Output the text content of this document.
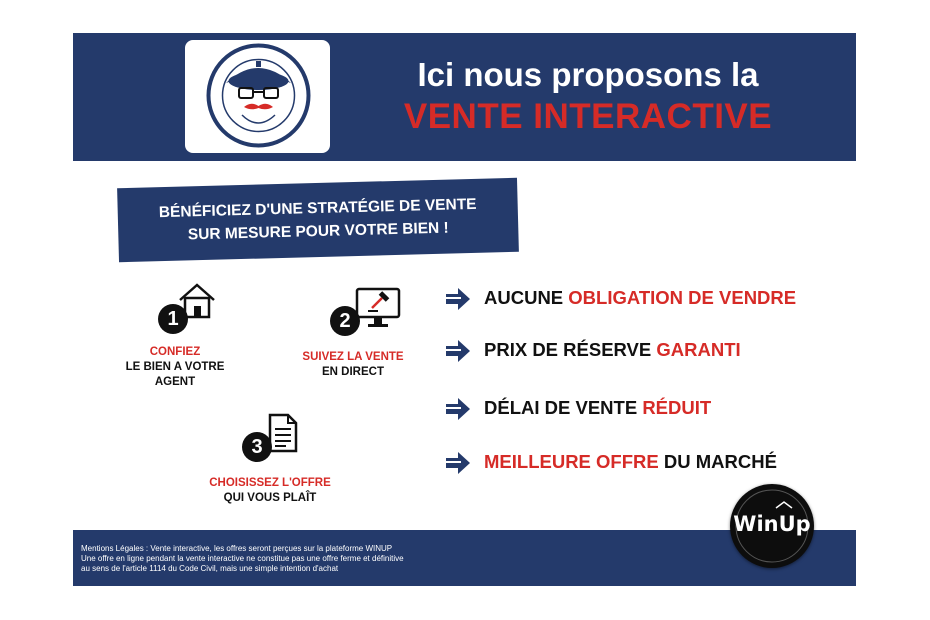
Ici nous proposons la
VENTE INTERACTIVE
BÉNÉFICIEZ D'UNE STRATÉGIE DE VENTE
SUR MESURE POUR VOTRE BIEN !
1
CONFIEZ
LE BIEN A VOTRE
AGENT
2
SUIVEZ LA VENTE
EN DIRECT
3
CHOISISSEZ L'OFFRE
QUI VOUS PLAÎT
AUCUNE OBLIGATION DE VENDRE
PRIX DE RÉSERVE GARANTI
DÉLAI DE VENTE RÉDUIT
MEILLEURE OFFRE DU MARCHÉ
Mentions Légales : Vente interactive, les offres seront perçues sur la plateforme WINUP
Une offre en ligne pendant la vente interactive ne constitue pas une offre ferme et définitive
au sens de l'article 1114 du Code Civil, mais une simple intention d'achat
WinUp
